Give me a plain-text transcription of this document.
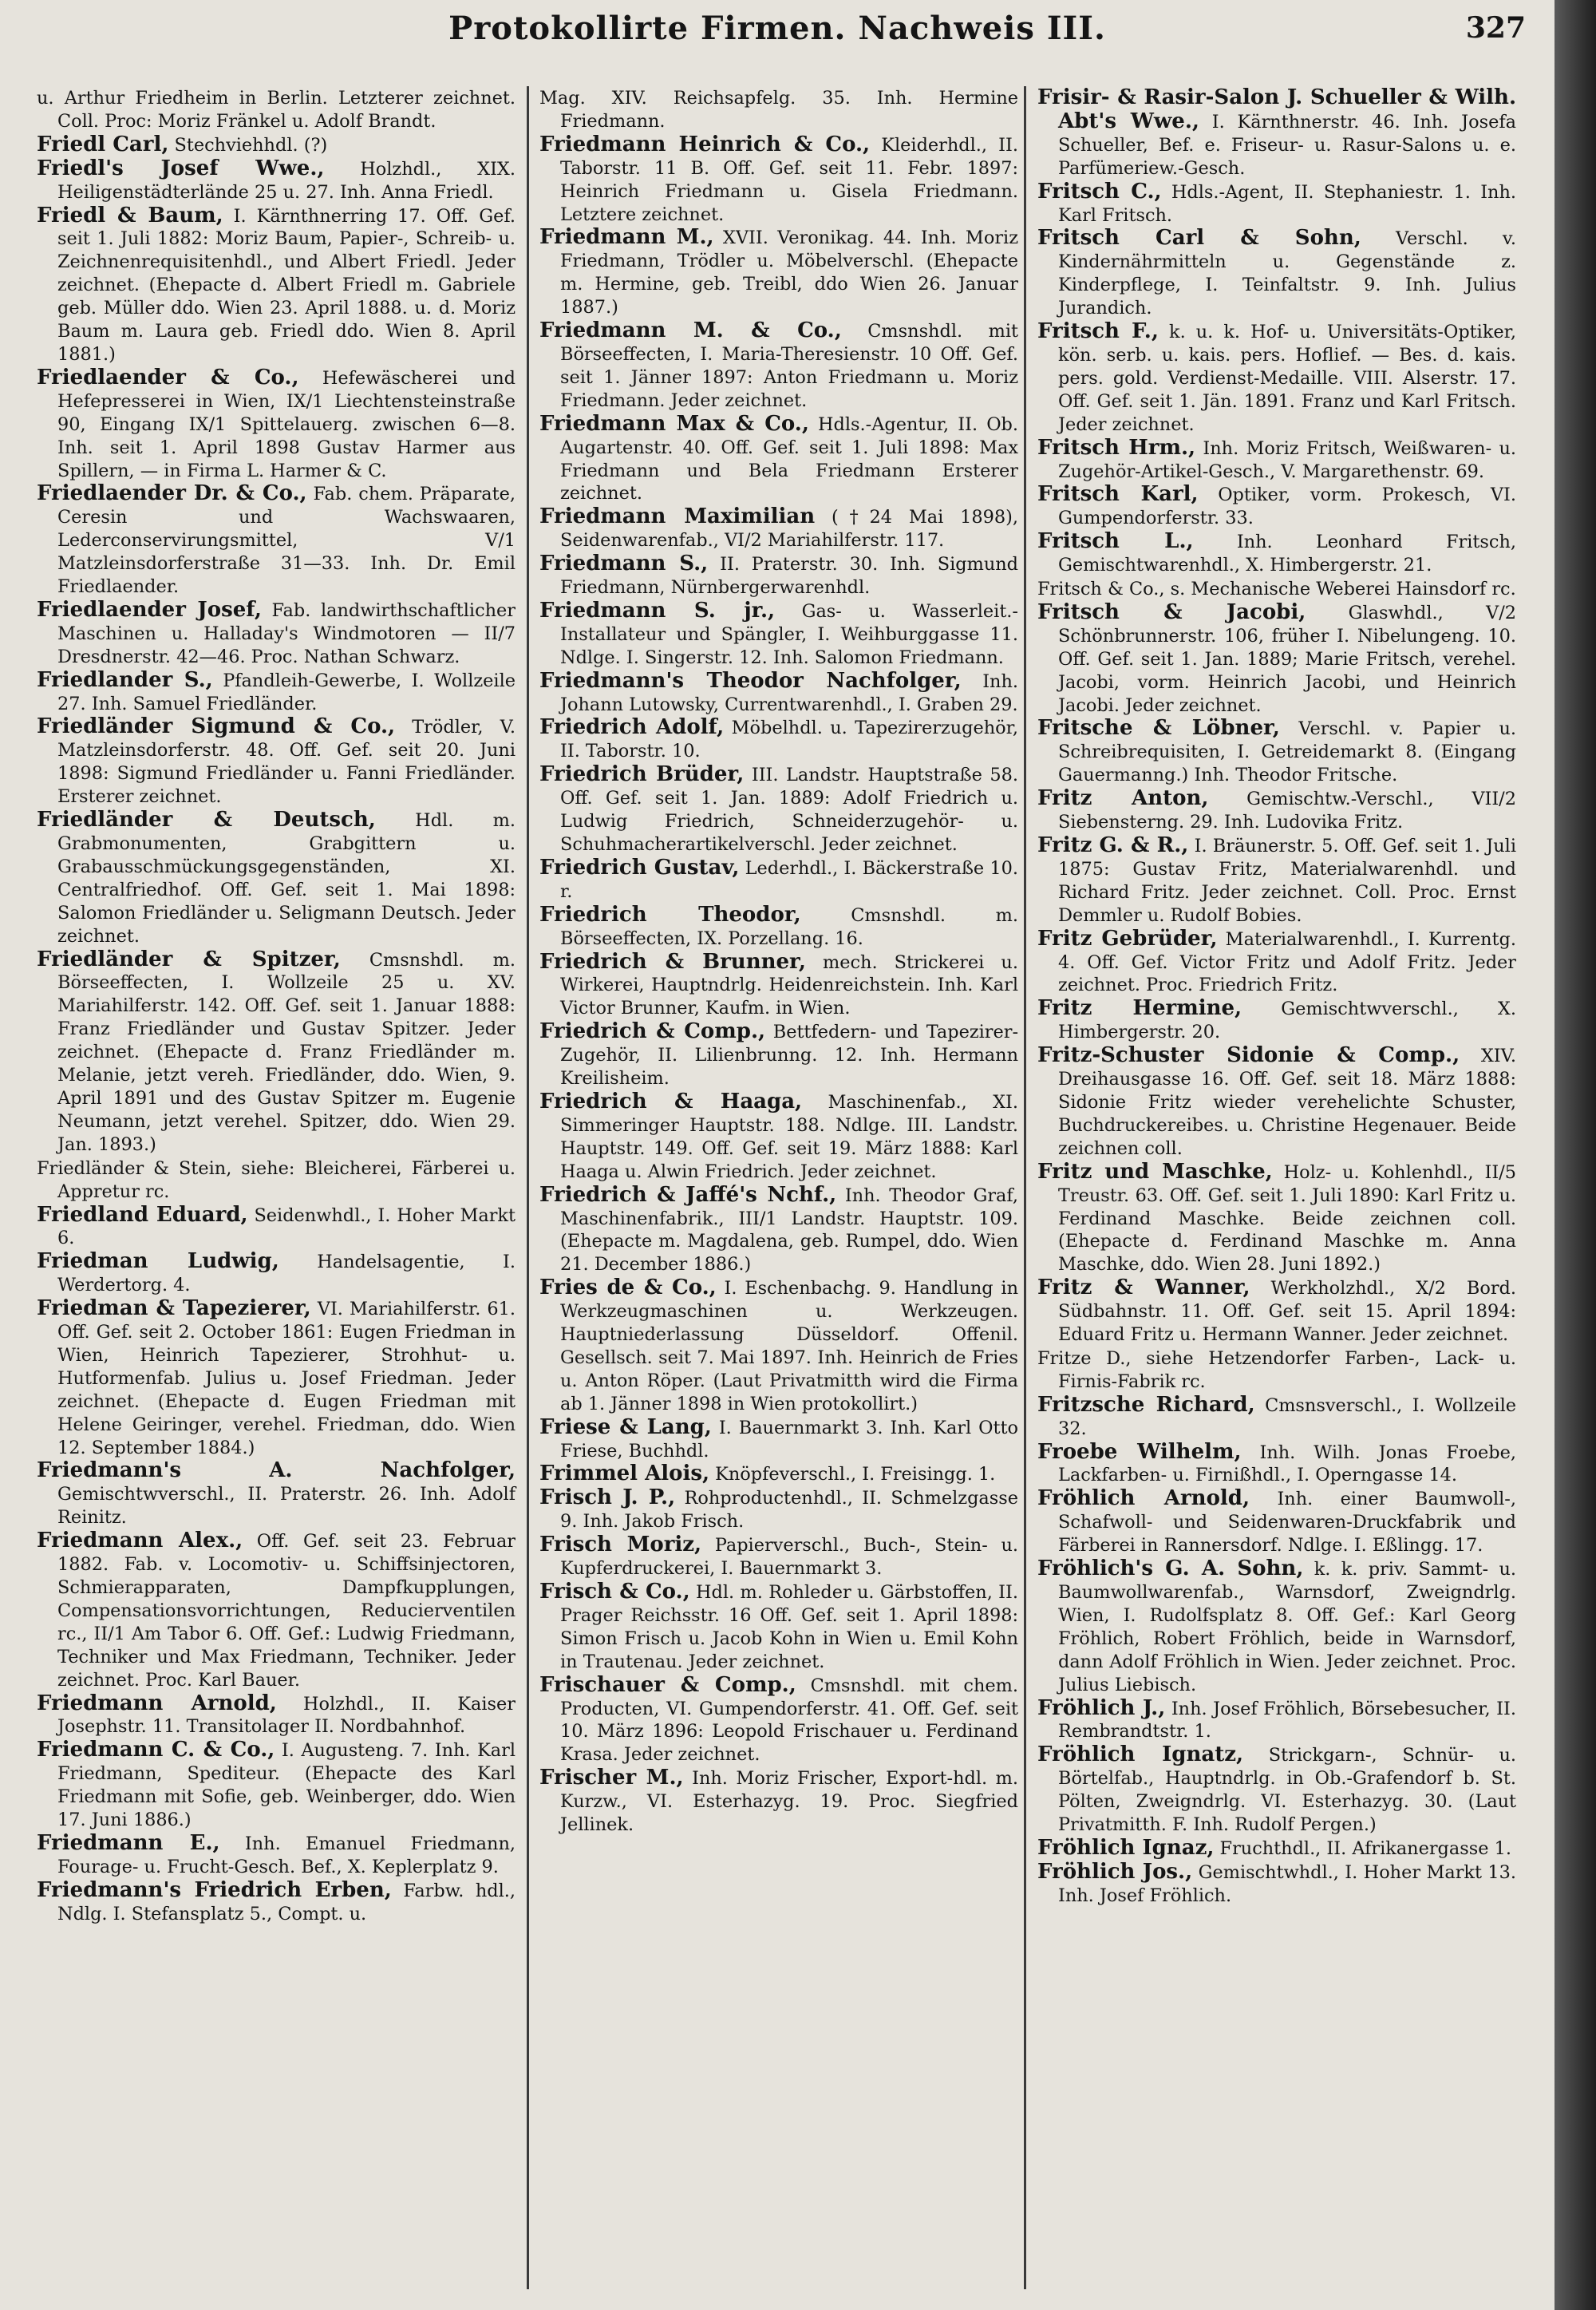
Protokollirte Firmen. Nachweis III.	327

u. Arthur Friedheim in Berlin. Letzterer zeichnet. Coll. Proc: Moriz Fränkel u. Adolf Brandt.

Friedl Carl, Stechviehhdl. (?)

Friedl's Josef Wwe., Holzhdl., XIX. Heiligenstädterlände 25 u. 27. Inh. Anna Friedl.

Friedl & Baum, I. Kärnthnerring 17. Off. Gef. seit 1. Juli 1882: Moriz Baum, Papier-, Schreib- u. Zeichnenrequisitenhdl., und Albert Friedl. Jeder zeichnet. (Ehepacte d. Albert Friedl m. Gabriele geb. Müller ddo. Wien 23. April 1888. u. d. Moriz Baum m. Laura geb. Friedl ddo. Wien 8. April 1881.)

Friedlaender & Co., Hefewäscherei und Hefepresserei in Wien, IX/1 Liechtensteinstraße 90, Eingang IX/1 Spittelauerg. zwischen 6—8. Inh. seit 1. April 1898 Gustav Harmer aus Spillern, — in Firma L. Harmer & C.

Friedlaender Dr. & Co., Fab. chem. Präparate, Ceresin und Wachswaaren, Lederconservirungsmittel, V/1 Matzleinsdorferstraße 31—33. Inh. Dr. Emil Friedlaender.

Friedlaender Josef, Fab. landwirthschaftlicher Maschinen u. Halladay's Windmotoren — II/7 Dresdnerstr. 42—46. Proc. Nathan Schwarz.

Friedlander S., Pfandleih-Gewerbe, I. Wollzeile 27. Inh. Samuel Friedländer.

Friedländer Sigmund & Co., Trödler, V. Matzleinsdorferstr. 48. Off. Gef. seit 20. Juni 1898: Sigmund Friedländer u. Fanni Friedländer. Ersterer zeichnet.

Friedländer & Deutsch, Hdl. m. Grabmonumenten, Grabgittern u. Grabausschmückungsgegenständen, XI. Centralfriedhof. Off. Gef. seit 1. Mai 1898: Salomon Friedländer u. Seligmann Deutsch. Jeder zeichnet.

Friedländer & Spitzer, Cmsnshdl. m. Börseeffecten, I. Wollzeile 25 u. XV. Mariahilferstr. 142. Off. Gef. seit 1. Januar 1888: Franz Friedländer und Gustav Spitzer. Jeder zeichnet. (Ehepacte d. Franz Friedländer m. Melanie, jetzt vereh. Friedländer, ddo. Wien, 9. April 1891 und des Gustav Spitzer m. Eugenie Neumann, jetzt verehel. Spitzer, ddo. Wien 29. Jan. 1893.)

Friedländer & Stein, siehe: Bleicherei, Färberei u. Appretur rc.

Friedland Eduard, Seidenwhdl., I. Hoher Markt 6.

Friedman Ludwig, Handelsagentie, I. Werdertorg. 4.

Friedman & Tapezierer, VI. Mariahilferstr. 61. Off. Gef. seit 2. October 1861: Eugen Friedman in Wien, Heinrich Tapezierer, Strohhut- u. Hutformenfab. Julius u. Josef Friedman. Jeder zeichnet. (Ehepacte d. Eugen Friedman mit Helene Geiringer, verehel. Friedman, ddo. Wien 12. September 1884.)

Friedmann's A. Nachfolger, Gemischtwverschl., II. Praterstr. 26. Inh. Adolf Reinitz.

Friedmann Alex., Off. Gef. seit 23. Februar 1882. Fab. v. Locomotiv- u. Schiffsinjectoren, Schmierapparaten, Dampfkupplungen, Compensationsvorrichtungen, Reducierventilen rc., II/1 Am Tabor 6. Off. Gef.: Ludwig Friedmann, Techniker und Max Friedmann, Techniker. Jeder zeichnet. Proc. Karl Bauer.

Friedmann Arnold, Holzhdl., II. Kaiser Josephstr. 11. Transitolager II. Nordbahnhof.

Friedmann C. & Co., I. Augusteng. 7. Inh. Karl Friedmann, Spediteur. (Ehepacte des Karl Friedmann mit Sofie, geb. Weinberger, ddo. Wien 17. Juni 1886.)

Friedmann E., Inh. Emanuel Friedmann, Fourage- u. Frucht-Gesch. Bef., X. Keplerplatz 9.

Friedmann's Friedrich Erben, Farbw. hdl., Ndlg. I. Stefansplatz 5., Compt. u.

Mag. XIV. Reichsapfelg. 35. Inh. Hermine Friedmann.

Friedmann Heinrich & Co., Kleiderhdl., II. Taborstr. 11 B. Off. Gef. seit 11. Febr. 1897: Heinrich Friedmann u. Gisela Friedmann. Letztere zeichnet.

Friedmann M., XVII. Veronikag. 44. Inh. Moriz Friedmann, Trödler u. Möbelverschl. (Ehepacte m. Hermine, geb. Treibl, ddo Wien 26. Januar 1887.)

Friedmann M. & Co., Cmsnshdl. mit Börseeffecten, I. Maria-Theresienstr. 10 Off. Gef. seit 1. Jänner 1897: Anton Friedmann u. Moriz Friedmann. Jeder zeichnet.

Friedmann Max & Co., Hdls.-Agentur, II. Ob. Augartenstr. 40. Off. Gef. seit 1. Juli 1898: Max Friedmann und Bela Friedmann Ersterer zeichnet.

Friedmann Maximilian (†24 Mai 1898), Seidenwarenfab., VI/2 Mariahilferstr. 117.

Friedmann S., II. Praterstr. 30. Inh. Sigmund Friedmann, Nürnbergerwarenhdl.

Friedmann S. jr., Gas- u. Wasserleit.-Installateur und Spängler, I. Weihburggasse 11. Ndlge. I. Singerstr. 12. Inh. Salomon Friedmann.

Friedmann's Theodor Nachfolger, Inh. Johann Lutowsky, Currentwarenhdl., I. Graben 29.

Friedrich Adolf, Möbelhdl. u. Tapezirerzugehör, II. Taborstr. 10.

Friedrich Brüder, III. Landstr. Hauptstraße 58. Off. Gef. seit 1. Jan. 1889: Adolf Friedrich u. Ludwig Friedrich, Schneiderzugehör- u. Schuhmacherartikelverschl. Jeder zeichnet.

Friedrich Gustav, Lederhdl., I. Bäckerstraße 10. r.

Friedrich Theodor,	Cmsnshdl. m. Börseeffecten, IX. Porzellang. 16.

Friedrich & Brunner, mech. Strickerei u. Wirkerei, Hauptndrlg. Heidenreichstein. Inh. Karl Victor Brunner, Kaufm. in Wien.

Friedrich & Comp., Bettfedern- und Tapezirer-Zugehör, II. Lilienbrunng. 12. Inh. Hermann Kreilisheim.

Friedrich & Haaga, Maschinenfab., XI. Simmeringer Hauptstr. 188. Ndlge. III. Landstr. Hauptstr. 149. Off. Gef. seit 19. März 1888: Karl Haaga u. Alwin Friedrich. Jeder zeichnet.

Friedrich & Jaffé's Nchf., Inh. Theodor Graf, Maschinenfabrik., III/1 Landstr. Hauptstr. 109. (Ehepacte m. Magdalena, geb. Rumpel, ddo. Wien 21. December 1886.)

Fries de & Co., I. Eschenbachg. 9. Handlung in Werkzeugmaschinen u. Werkzeugen. Hauptniederlassung Düsseldorf. Offenil. Gesellsch. seit 7. Mai 1897. Inh. Heinrich de Fries u. Anton Röper. (Laut Privatmitth wird die Firma ab 1. Jänner 1898 in Wien protokollirt.)

Friese & Lang, I. Bauernmarkt 3. Inh. Karl Otto Friese, Buchhdl.

Frimmel Alois, Knöpfeverschl., I. Freisingg. 1.

Frisch J. P., Rohproductenhdl., II. Schmelzgasse 9. Inh. Jakob Frisch.

Frisch Moriz, Papierverschl., Buch-, Stein- u. Kupferdruckerei, I. Bauernmarkt 3.

Frisch & Co., Hdl. m. Rohleder u. Gärbstoffen, II. Prager Reichsstr. 16 Off. Gef. seit 1. April 1898: Simon Frisch u. Jacob Kohn in Wien u. Emil Kohn in Trautenau. Jeder zeichnet.

Frischauer & Comp., Cmsnshdl. mit chem. Producten, VI. Gumpendorferstr. 41. Off. Gef. seit 10. März 1896: Leopold Frischauer u. Ferdinand Krasa. Jeder zeichnet.

Frischer M., Inh. Moriz Frischer, Export-hdl. m. Kurzw., VI. Esterhazyg. 19. Proc. Siegfried Jellinek.

Frisir- & Rasir-Salon J. Schueller & Wilh. Abt's Wwe., I. Kärnthnerstr. 46. Inh. Josefa Schueller, Bef. e. Friseur- u. Rasur-Salons u. e. Parfümeriew.-Gesch.

Fritsch C., Hdls.-Agent, II. Stephaniestr. 1. Inh. Karl Fritsch.

Fritsch Carl & Sohn, Verschl. v. Kindernährmitteln u. Gegenstände z. Kinderpflege, I. Teinfaltstr. 9. Inh. Julius Jurandich.

Fritsch F., k. u. k. Hof- u. Universitäts-Optiker, kön. serb. u. kais. pers. Hoflief. — Bes. d. kais. pers. gold. Verdienst-Medaille. VIII. Alserstr. 17. Off. Gef. seit 1. Jän. 1891. Franz und Karl Fritsch. Jeder zeichnet.

Fritsch Hrm., Inh. Moriz Fritsch, Weißwaren- u. Zugehör-Artikel-Gesch., V. Margarethenstr. 69.

Fritsch Karl, Optiker, vorm. Prokesch, VI. Gumpendorferstr. 33.

Fritsch L., Inh. Leonhard Fritsch, Gemischtwarenhdl., X. Himbergerstr. 21.

Fritsch & Co., s. Mechanische Weberei Hainsdorf rc.

Fritsch & Jacobi, Glaswhdl., V/2 Schönbrunnerstr. 106, früher I. Nibelungeng. 10. Off. Gef. seit 1. Jan. 1889; Marie Fritsch, verehel. Jacobi, vorm. Heinrich Jacobi, und Heinrich Jacobi. Jeder zeichnet.

Fritsche & Löbner, Verschl. v. Papier u. Schreibrequisiten, I. Getreidemarkt 8. (Eingang Gauermanng.) Inh. Theodor Fritsche.

Fritz Anton, Gemischtw.-Verschl., VII/2 Siebensterng. 29. Inh. Ludovika Fritz.

Fritz G. & R., I. Bräunerstr. 5. Off. Gef. seit 1. Juli 1875: Gustav Fritz, Materialwarenhdl. und Richard Fritz. Jeder zeichnet. Coll. Proc. Ernst Demmler u. Rudolf Bobies.

Fritz Gebrüder, Materialwarenhdl., I. Kurrentg. 4. Off. Gef. Victor Fritz und Adolf Fritz. Jeder zeichnet. Proc. Friedrich Fritz.

Fritz Hermine, Gemischtwverschl., X. Himbergerstr. 20.

Fritz-Schuster Sidonie & Comp., XIV. Dreihausgasse 16. Off. Gef. seit 18. März 1888: Sidonie Fritz wieder verehelichte Schuster, Buchdruckereibes. u. Christine Hegenauer. Beide zeichnen coll.

Fritz und Maschke, Holz- u. Kohlenhdl., II/5 Treustr. 63. Off. Gef. seit 1. Juli 1890: Karl Fritz u. Ferdinand Maschke. Beide zeichnen coll. (Ehepacte d. Ferdinand Maschke m. Anna Maschke, ddo. Wien 28. Juni 1892.)

Fritz & Wanner, Werkholzhdl., X/2 Bord. Südbahnstr. 11. Off. Gef. seit 15. April 1894: Eduard Fritz u. Hermann Wanner. Jeder zeichnet.

Fritze D., siehe Hetzendorfer Farben-, Lack- u. Firnis-Fabrik rc.

Fritzsche Richard, Cmsnsverschl., I. Wollzeile 32.

Froebe Wilhelm, Inh. Wilh. Jonas Froebe, Lackfarben- u. Firnißhdl., I. Operngasse 14.

Fröhlich Arnold, Inh. einer Baumwoll-, Schafwoll- und Seidenwaren-Druckfabrik und Färberei in Rannersdorf. Ndlge. I. Eßlingg. 17.

Fröhlich's G. A. Sohn, k. k. priv. Sammt- u. Baumwollwarenfab., Warnsdorf, Zweigndrlg. Wien, I. Rudolfsplatz 8. Off. Gef.: Karl Georg Fröhlich, Robert Fröhlich, beide in Warnsdorf, dann Adolf Fröhlich in Wien. Jeder zeichnet. Proc. Julius Liebisch.

Fröhlich J., Inh. Josef Fröhlich, Börsebesucher, II. Rembrandtstr. 1.

Fröhlich Ignatz, Strickgarn-, Schnür- u. Börtelfab., Hauptndrlg. in Ob.-Grafendorf b. St. Pölten, Zweigndrlg. VI. Esterhazyg. 30. (Laut Privatmitth. F. Inh. Rudolf Pergen.)

Fröhlich Ignaz, Fruchthdl., II. Afrikanergasse 1.

Fröhlich Jos., Gemischtwhdl., I. Hoher Markt 13. Inh. Josef Fröhlich.
